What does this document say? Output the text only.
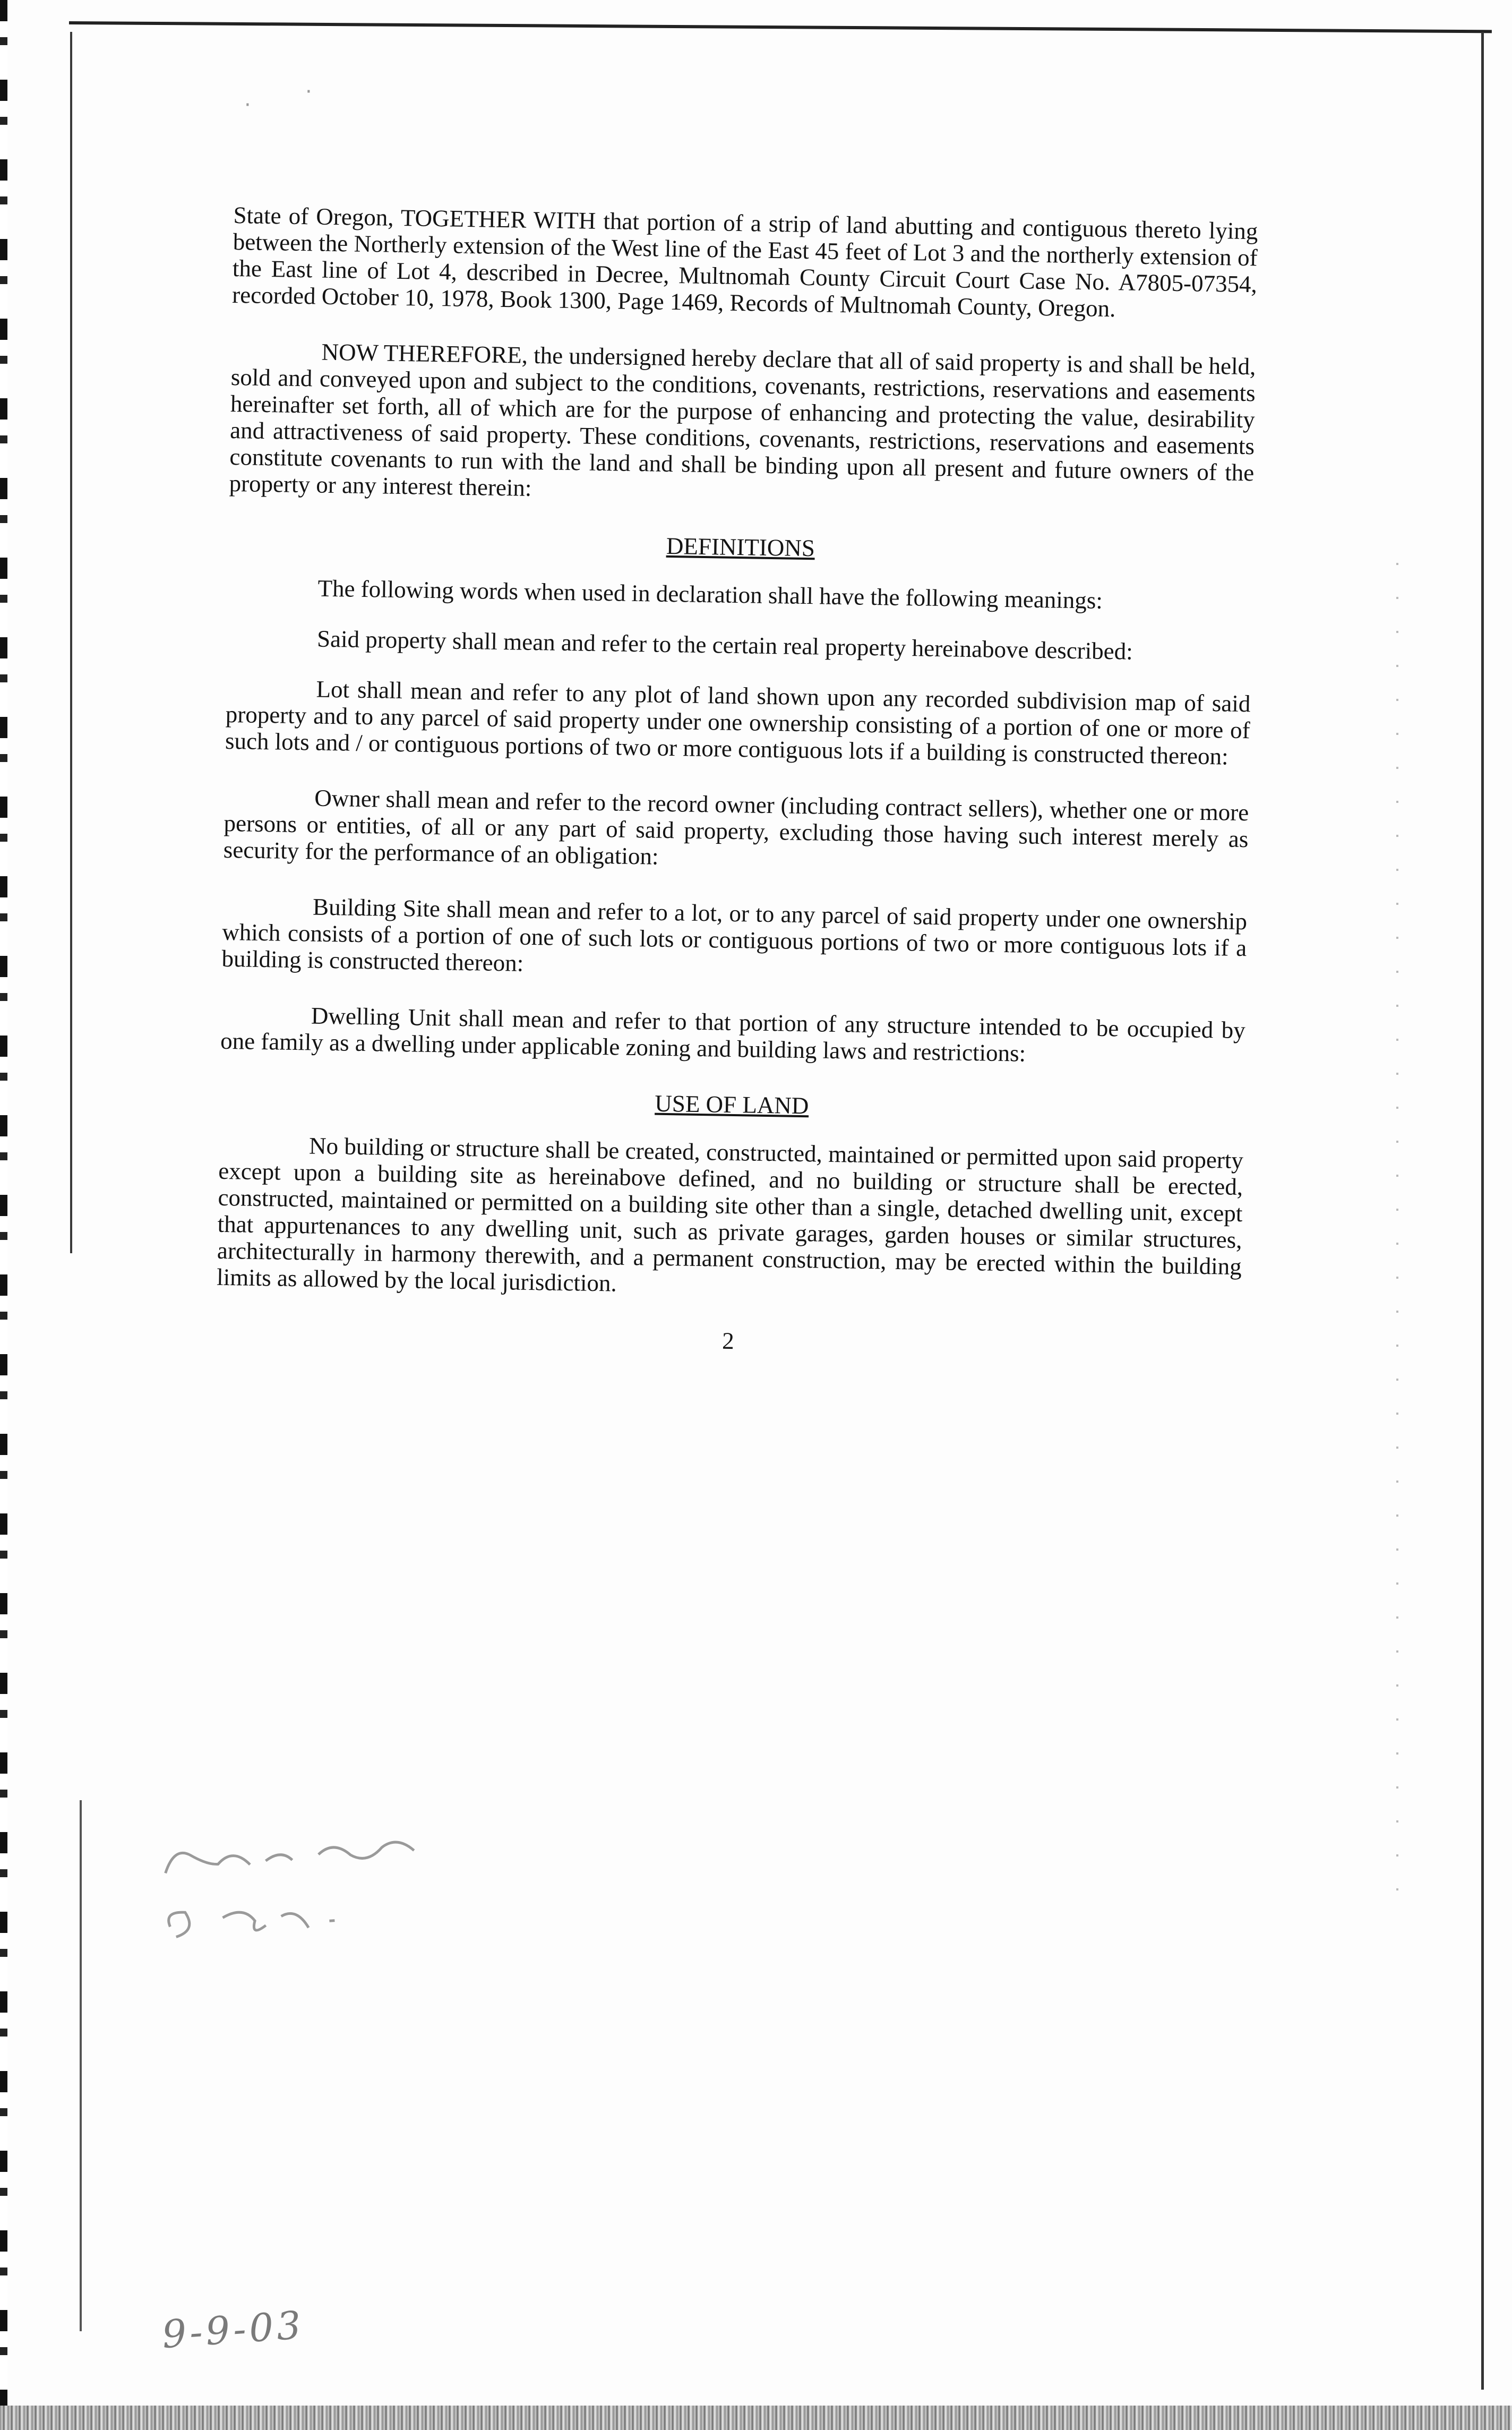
·
·

State of Oregon, TOGETHER WITH that portion of a strip of land abutting and contiguous thereto lying between the Northerly extension of the West line of the East 45 feet of Lot 3 and the northerly extension of the East line of Lot 4, described in Decree, Multnomah County Circuit Court Case No. A7805-07354, recorded October 10, 1978, Book 1300, Page 1469, Records of Multnomah County, Oregon.

NOW THEREFORE, the undersigned hereby declare that all of said property is and shall be held, sold and conveyed upon and subject to the conditions, covenants, restrictions, reservations and easements hereinafter set forth, all of which are for the purpose of enhancing and protecting the value, desirability and attractiveness of said property. These conditions, covenants, restrictions, reservations and easements constitute covenants to run with the land and shall be binding upon all present and future owners of the property or any interest therein:

DEFINITIONS

The following words when used in declaration shall have the following meanings:

Said property shall mean and refer to the certain real property hereinabove described:

Lot shall mean and refer to any plot of land shown upon any recorded subdivision map of said property and to any parcel of said property under one ownership consisting of a portion of one or more of such lots and / or contiguous portions of two or more contiguous lots if a building is constructed thereon:

Owner shall mean and refer to the record owner (including contract sellers), whether one or more persons or entities, of all or any part of said property, excluding those having such interest merely as security for the performance of an obligation:

Building Site shall mean and refer to a lot, or to any parcel of said property under one ownership which consists of a portion of one of such lots or contiguous portions of two or more contiguous lots if a building is constructed thereon:

Dwelling Unit shall mean and refer to that portion of any structure intended to be occupied by one family as a dwelling under applicable zoning and building laws and restrictions:

USE OF LAND

No building or structure shall be created, constructed, maintained or permitted upon said property except upon a building site as hereinabove defined, and no building or structure shall be erected, constructed, maintained or permitted on a building site other than a single, detached dwelling unit, except that appurtenances to any dwelling unit, such as private garages, garden houses or similar structures, architecturally in harmony therewith, and a permanent construction, may be erected within the building limits as allowed by the local jurisdiction.

2

9-9-03
